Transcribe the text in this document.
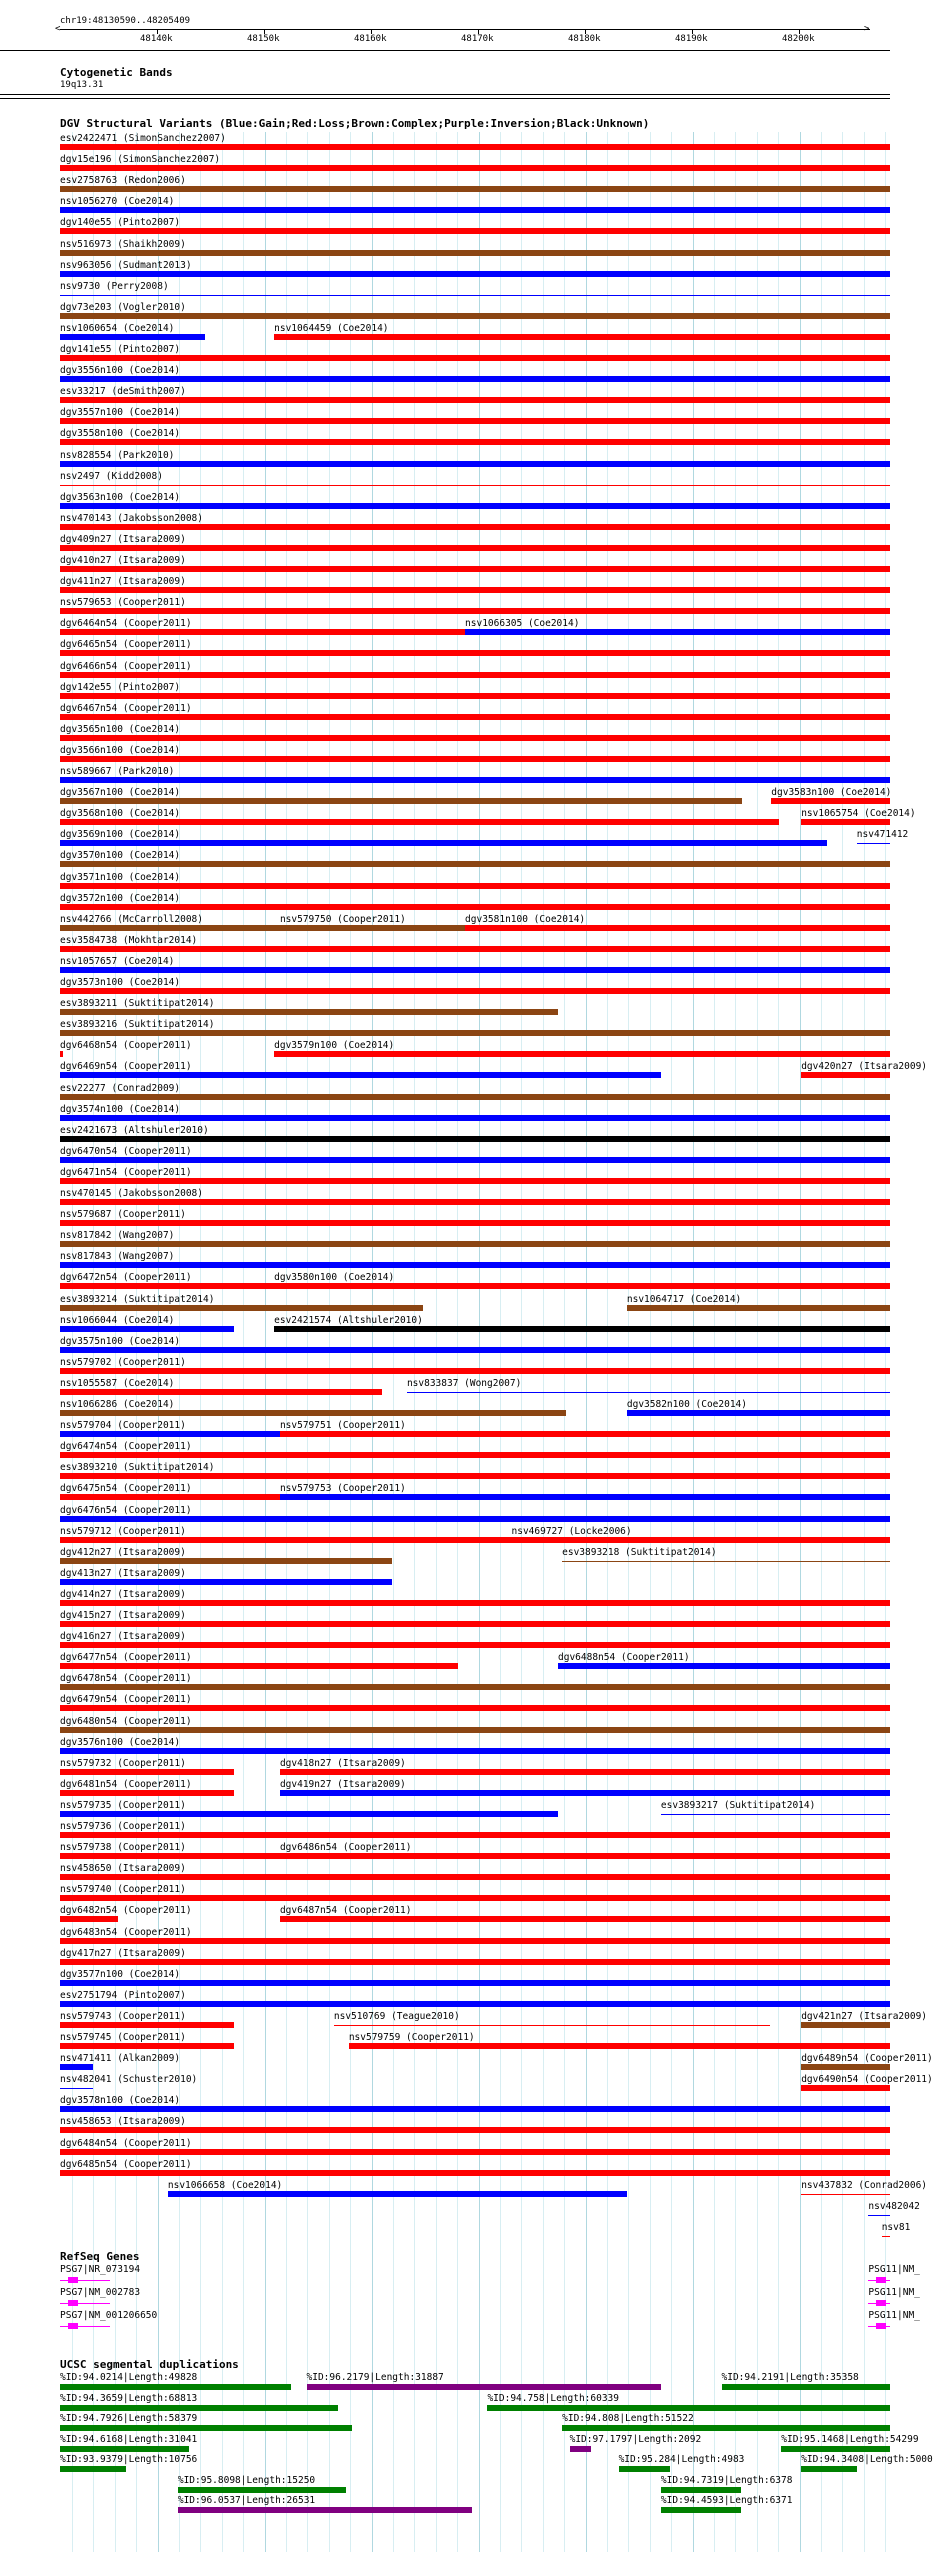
chr19:48130590..48205409
<	>
48140k	48150k	48160k	48170k	48180k	48190k	48200k
Cytogenetic Bands
19q13.31
DGV Structural Variants (Blue:Gain;Red:Loss;Brown:Complex;Purple:Inversion;Black:Unknown)
esv2422471 (SimonSanchez2007)
dgv15e196 (SimonSanchez2007)
esv2758763 (Redon2006)
nsv1056270 (Coe2014)
dgv140e55 (Pinto2007)
nsv516973 (Shaikh2009)
nsv963056 (Sudmant2013)
nsv9730 (Perry2008)
dgv73e203 (Vogler2010)
nsv1060654 (Coe2014)	nsv1064459 (Coe2014)
dgv141e55 (Pinto2007)
dgv3556n100 (Coe2014)
esv33217 (deSmith2007)
dgv3557n100 (Coe2014)
dgv3558n100 (Coe2014)
nsv828554 (Park2010)
nsv2497 (Kidd2008)
dgv3563n100 (Coe2014)
nsv470143 (Jakobsson2008)
dgv409n27 (Itsara2009)
dgv410n27 (Itsara2009)
dgv411n27 (Itsara2009)
nsv579653 (Cooper2011)
dgv6464n54 (Cooper2011)	nsv1066305 (Coe2014)
dgv6465n54 (Cooper2011)
dgv6466n54 (Cooper2011)
dgv142e55 (Pinto2007)
dgv6467n54 (Cooper2011)
dgv3565n100 (Coe2014)
dgv3566n100 (Coe2014)
nsv589667 (Park2010)
dgv3567n100 (Coe2014)	dgv3583n100 (Coe2014)
dgv3568n100 (Coe2014)	nsv1065754 (Coe2014)
dgv3569n100 (Coe2014)	nsv471412
dgv3570n100 (Coe2014)
dgv3571n100 (Coe2014)
dgv3572n100 (Coe2014)
nsv442766 (McCarroll2008)	nsv579750 (Cooper2011)	dgv3581n100 (Coe2014)
esv3584738 (Mokhtar2014)
nsv1057657 (Coe2014)
dgv3573n100 (Coe2014)
esv3893211 (Suktitipat2014)
esv3893216 (Suktitipat2014)
dgv6468n54 (Cooper2011)	dgv3579n100 (Coe2014)
dgv6469n54 (Cooper2011)	dgv420n27 (Itsara2009)
esv22277 (Conrad2009)
dgv3574n100 (Coe2014)
esv2421673 (Altshuler2010)
dgv6470n54 (Cooper2011)
dgv6471n54 (Cooper2011)
nsv470145 (Jakobsson2008)
nsv579687 (Cooper2011)
nsv817842 (Wang2007)
nsv817843 (Wang2007)
dgv6472n54 (Cooper2011)	dgv3580n100 (Coe2014)
esv3893214 (Suktitipat2014)	nsv1064717 (Coe2014)
nsv1066044 (Coe2014)	esv2421574 (Altshuler2010)
dgv3575n100 (Coe2014)
nsv579702 (Cooper2011)
nsv1055587 (Coe2014)	nsv833837 (Wong2007)
nsv1066286 (Coe2014)	dgv3582n100 (Coe2014)
nsv579704 (Cooper2011)	nsv579751 (Cooper2011)
dgv6474n54 (Cooper2011)
esv3893210 (Suktitipat2014)
dgv6475n54 (Cooper2011)	nsv579753 (Cooper2011)
dgv6476n54 (Cooper2011)
nsv579712 (Cooper2011)	nsv469727 (Locke2006)
dgv412n27 (Itsara2009)	esv3893218 (Suktitipat2014)
dgv413n27 (Itsara2009)
dgv414n27 (Itsara2009)
dgv415n27 (Itsara2009)
dgv416n27 (Itsara2009)
dgv6477n54 (Cooper2011)	dgv6488n54 (Cooper2011)
dgv6478n54 (Cooper2011)
dgv6479n54 (Cooper2011)
dgv6480n54 (Cooper2011)
dgv3576n100 (Coe2014)
nsv579732 (Cooper2011)	dgv418n27 (Itsara2009)
dgv6481n54 (Cooper2011)	dgv419n27 (Itsara2009)
nsv579735 (Cooper2011)	esv3893217 (Suktitipat2014)
nsv579736 (Cooper2011)
nsv579738 (Cooper2011)	dgv6486n54 (Cooper2011)
nsv458650 (Itsara2009)
nsv579740 (Cooper2011)
dgv6482n54 (Cooper2011)	dgv6487n54 (Cooper2011)
dgv6483n54 (Cooper2011)
dgv417n27 (Itsara2009)
dgv3577n100 (Coe2014)
esv2751794 (Pinto2007)
nsv579743 (Cooper2011)	nsv510769 (Teague2010)	dgv421n27 (Itsara2009)
nsv579745 (Cooper2011)	nsv579759 (Cooper2011)
nsv471411 (Alkan2009)	dgv6489n54 (Cooper2011)
nsv482041 (Schuster2010)	dgv6490n54 (Cooper2011)
dgv3578n100 (Coe2014)
nsv458653 (Itsara2009)
dgv6484n54 (Cooper2011)
dgv6485n54 (Cooper2011)
nsv1066658 (Coe2014)	nsv437832 (Conrad2006)
nsv482042
nsv81
RefSeq Genes
PSG7|NR_073194	PSG11|NM_
PSG7|NM_002783	PSG11|NM_
PSG7|NM_001206650	PSG11|NM_
UCSC segmental duplications
%ID:94.0214|Length:49828	%ID:96.2179|Length:31887	%ID:94.2191|Length:35358
%ID:94.3659|Length:68813	%ID:94.758|Length:60339
%ID:94.7926|Length:58379	%ID:94.808|Length:51522
%ID:94.6168|Length:31041	%ID:97.1797|Length:2092	%ID:95.1468|Length:54299
%ID:93.9379|Length:10756	%ID:95.284|Length:4983	%ID:94.3408|Length:5000
%ID:95.8098|Length:15250	%ID:94.7319|Length:6378
%ID:96.0537|Length:26531	%ID:94.4593|Length:6371
